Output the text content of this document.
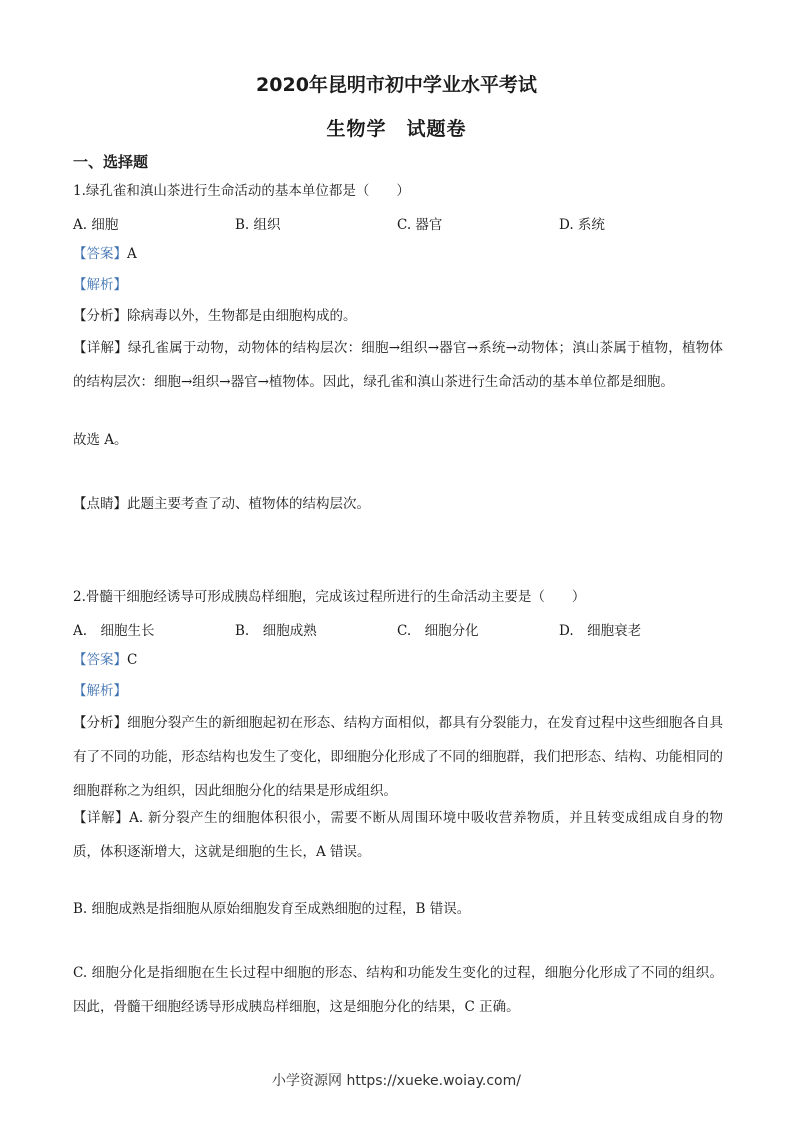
2020年昆明市初中学业水平考试
生物学　试题卷
一、选择题
1.绿孔雀和滇山茶进行生命活动的基本单位都是（　　）
A. 细胞	B. 组织	C. 器官	D. 系统
【答案】A
【解析】
【分析】除病毒以外，生物都是由细胞构成的。
【详解】绿孔雀属于动物，动物体的结构层次：细胞→组织→器官→系统→动物体；滇山茶属于植物，植物体的结构层次：细胞→组织→器官→植物体。因此，绿孔雀和滇山茶进行生命活动的基本单位都是细胞。
故选 A。
【点睛】此题主要考查了动、植物体的结构层次。
2.骨髓干细胞经诱导可形成胰岛样细胞，完成该过程所进行的生命活动主要是（　　）
A.　细胞生长	B.　细胞成熟	C.　细胞分化	D.　细胞衰老
【答案】C
【解析】
【分析】细胞分裂产生的新细胞起初在形态、结构方面相似，都具有分裂能力，在发育过程中这些细胞各自具有了不同的功能，形态结构也发生了变化，即细胞分化形成了不同的细胞群，我们把形态、结构、功能相同的细胞群称之为组织，因此细胞分化的结果是形成组织。
【详解】A. 新分裂产生的细胞体积很小，需要不断从周围环境中吸收营养物质，并且转变成组成自身的物质，体积逐渐增大，这就是细胞的生长，A 错误。
B. 细胞成熟是指细胞从原始细胞发育至成熟细胞的过程，B 错误。
C. 细胞分化是指细胞在生长过程中细胞的形态、结构和功能发生变化的过程，细胞分化形成了不同的组织。因此，骨髓干细胞经诱导形成胰岛样细胞，这是细胞分化的结果，C 正确。
小学资源网 https://xueke.woiay.com/
